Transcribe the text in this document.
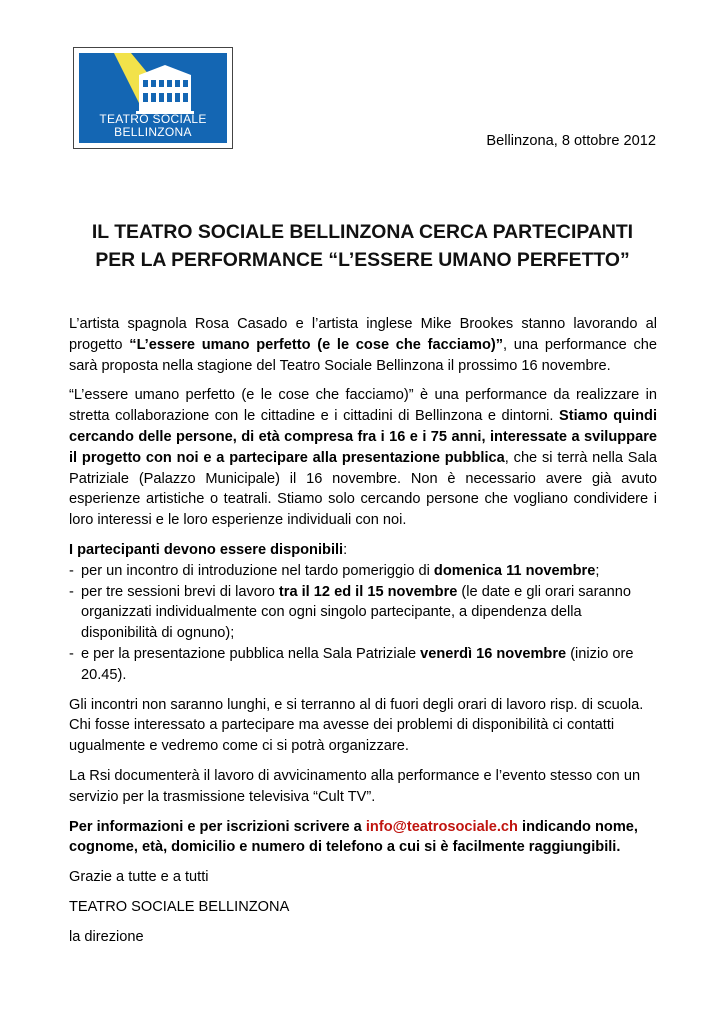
TEATRO SOCIALE
BELLINZONA
Bellinzona, 8 ottobre 2012
IL TEATRO SOCIALE BELLINZONA CERCA PARTECIPANTI
PER LA PERFORMANCE “L’ESSERE UMANO PERFETTO”

L’artista spagnola Rosa Casado e l’artista inglese Mike Brookes stanno lavorando al progetto “L’essere umano perfetto (e le cose che facciamo)”, una performance che sarà proposta nella stagione del Teatro Sociale Bellinzona il prossimo 16 novembre.

“L’essere umano perfetto (e le cose che facciamo)” è una performance da realizzare in stretta collaborazione con le cittadine e i cittadini di Bellinzona e dintorni. Stiamo quindi cercando delle persone, di età compresa fra i 16 e i 75 anni, interessate a sviluppare il progetto con noi e a partecipare alla presentazione pubblica, che si terrà nella Sala Patriziale (Palazzo Municipale) il 16 novembre. Non è necessario avere già avuto esperienze artistiche o teatrali. Stiamo solo cercando persone che vogliano condividere i loro interessi e le loro esperienze individuali con noi.

I partecipanti devono essere disponibili:

- per un incontro di introduzione nel tardo pomeriggio di domenica 11 novembre;
- per tre sessioni brevi di lavoro tra il 12 ed il 15 novembre (le date e gli orari saranno organizzati individualmente con ogni singolo partecipante, a dipendenza della disponibilità di ognuno);
- e per la presentazione pubblica nella Sala Patriziale venerdì 16 novembre (inizio ore 20.45).

Gli incontri non saranno lunghi, e si terranno al di fuori degli orari di lavoro risp. di scuola. Chi fosse interessato a partecipare ma avesse dei problemi di disponibilità ci contatti ugualmente e vedremo come ci si potrà organizzare.

La Rsi documenterà il lavoro di avvicinamento alla performance e l’evento stesso con un servizio per la trasmissione televisiva “Cult TV”.

Per informazioni e per iscrizioni scrivere a info@teatrosociale.ch indicando nome, cognome, età, domicilio e numero di telefono a cui si è facilmente raggiungibili.

Grazie a tutte e a tutti

TEATRO SOCIALE BELLINZONA

la direzione
